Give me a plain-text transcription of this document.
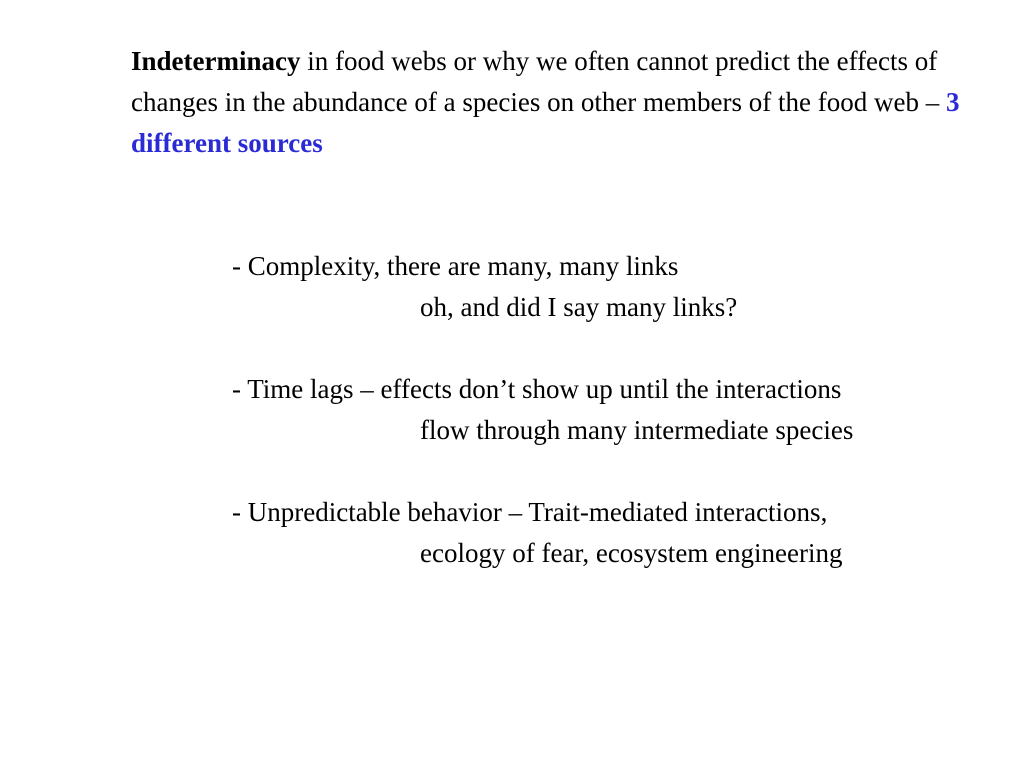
Indeterminacy in food webs or why we often cannot predict the effects of changes in the abundance of a species on other members of the food web – 3 different sources

- Complexity, there are many, many links
oh, and did I say many links?
- Time lags – effects don’t show up until the interactions
flow through many intermediate species
- Unpredictable behavior – Trait-mediated interactions,
ecology of fear, ecosystem engineering
